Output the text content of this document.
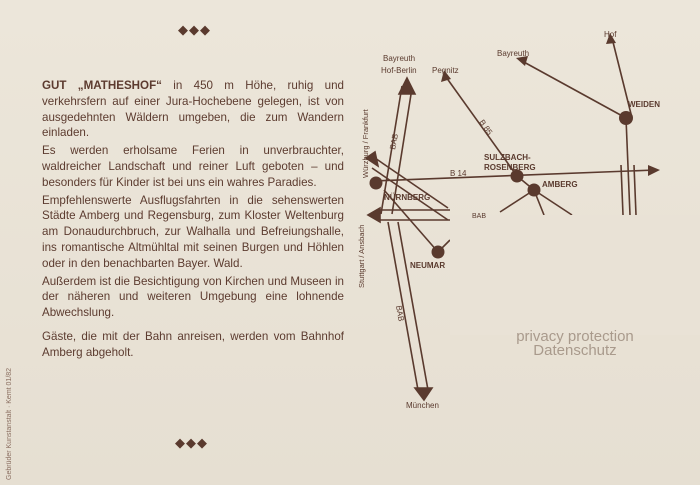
◆◆◆

GUT „MATHESHOF“ in 450 m Höhe, ruhig und verkehrsfern auf einer Jura-Hochebene gelegen, ist von ausgedehnten Wäldern umgeben, die zum Wandern einladen.

Es werden erholsame Ferien in unverbrauchter, waldreicher Landschaft und reiner Luft geboten – und besonders für Kinder ist bei uns ein wahres Paradies.

Empfehlenswerte Ausflugsfahrten in die sehenswerten Städte Amberg und Regensburg, zum Kloster Weltenburg am Donaudurchbruch, zur Walhalla und Befreiungshalle, ins romantische Altmühltal mit seinen Burgen und Höhlen oder in den benachbarten Bayer. Wald.

Außerdem ist die Besichtigung von Kirchen und Museen in der näheren und weiteren Umgebung eine lohnende Abwechslung.

Gäste, die mit der Bahn anreisen, werden vom Bahnhof Amberg abgeholt.

◆◆◆
Gebrüder Kunstanstalt · Kemt 01/82
Bayreuth
Hof-Berlin Pegnitz
Bayreuth
Hof
WEIDEN
B 85
BAB
SULZBACH-
ROSENBERG
B 14
AMBERG
Würzburg / Frankfurt
NÜRNBERG
Stuttgart / Ansbach	NEUMAR
BAB
München
BAB
privacy protection
Datenschutz
